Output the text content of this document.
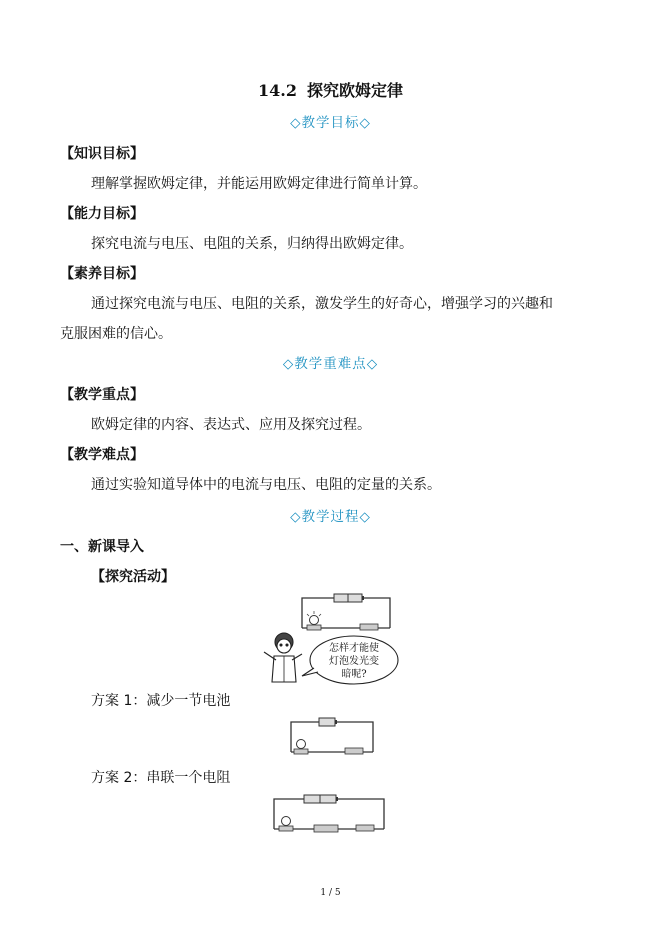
14.2 探究欧姆定律
◇教学目标◇
【知识目标】
理解掌握欧姆定律，并能运用欧姆定律进行简单计算。
【能力目标】
探究电流与电压、电阻的关系，归纳得出欧姆定律。
【素养目标】
通过探究电流与电压、电阻的关系，激发学生的好奇心，增强学习的兴趣和
克服困难的信心。
◇教学重难点◇
【教学重点】
欧姆定律的内容、表达式、应用及探究过程。
【教学难点】
通过实验知道导体中的电流与电压、电阻的定量的关系。
◇教学过程◇
一、新课导入
【探究活动】
怎样才能使
灯泡发光变
暗呢?
方案 1：减少一节电池
方案 2：串联一个电阻
1 / 5
